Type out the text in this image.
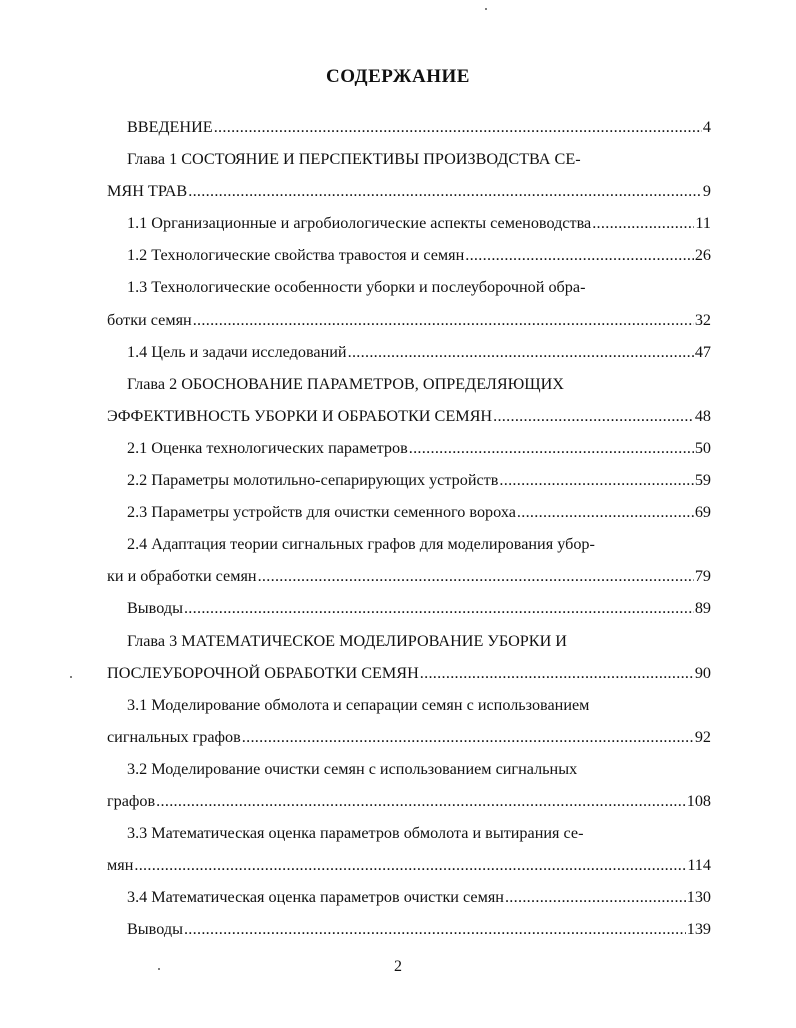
СОДЕРЖАНИЕ
ВВЕДЕНИЕ .....	4
Глава 1 СОСТОЯНИЕ И ПЕРСПЕКТИВЫ ПРОИЗВОДСТВА СЕ-
МЯН ТРАВ .....	9
1.1 Организационные и агробиологические аспекты семеноводства .....	11
1.2 Технологические свойства травостоя и семян .....	26
1.3 Технологические особенности уборки и послеуборочной обра-
ботки семян .....	32
1.4 Цель и задачи исследований .....	47
Глава 2 ОБОСНОВАНИЕ ПАРАМЕТРОВ, ОПРЕДЕЛЯЮЩИХ
ЭФФЕКТИВНОСТЬ УБОРКИ И ОБРАБОТКИ СЕМЯН .....	48
2.1 Оценка технологических параметров .....	50
2.2 Параметры молотильно-сепарирующих устройств .....	59
2.3 Параметры устройств для очистки семенного вороха .....	69
2.4 Адаптация теории сигнальных графов для моделирования убор-
ки и обработки семян .....	79
Выводы .....	89
Глава 3 МАТЕМАТИЧЕСКОЕ МОДЕЛИРОВАНИЕ УБОРКИ И
ПОСЛЕУБОРОЧНОЙ ОБРАБОТКИ СЕМЯН .....	90
3.1 Моделирование обмолота и сепарации семян с использованием
сигнальных графов .....	92
3.2 Моделирование очистки семян с использованием сигнальных
графов .....	108
3.3 Математическая оценка параметров обмолота и вытирания се-
мян .....	114
3.4 Математическая оценка параметров очистки семян .....	130
Выводы .....	139
2
